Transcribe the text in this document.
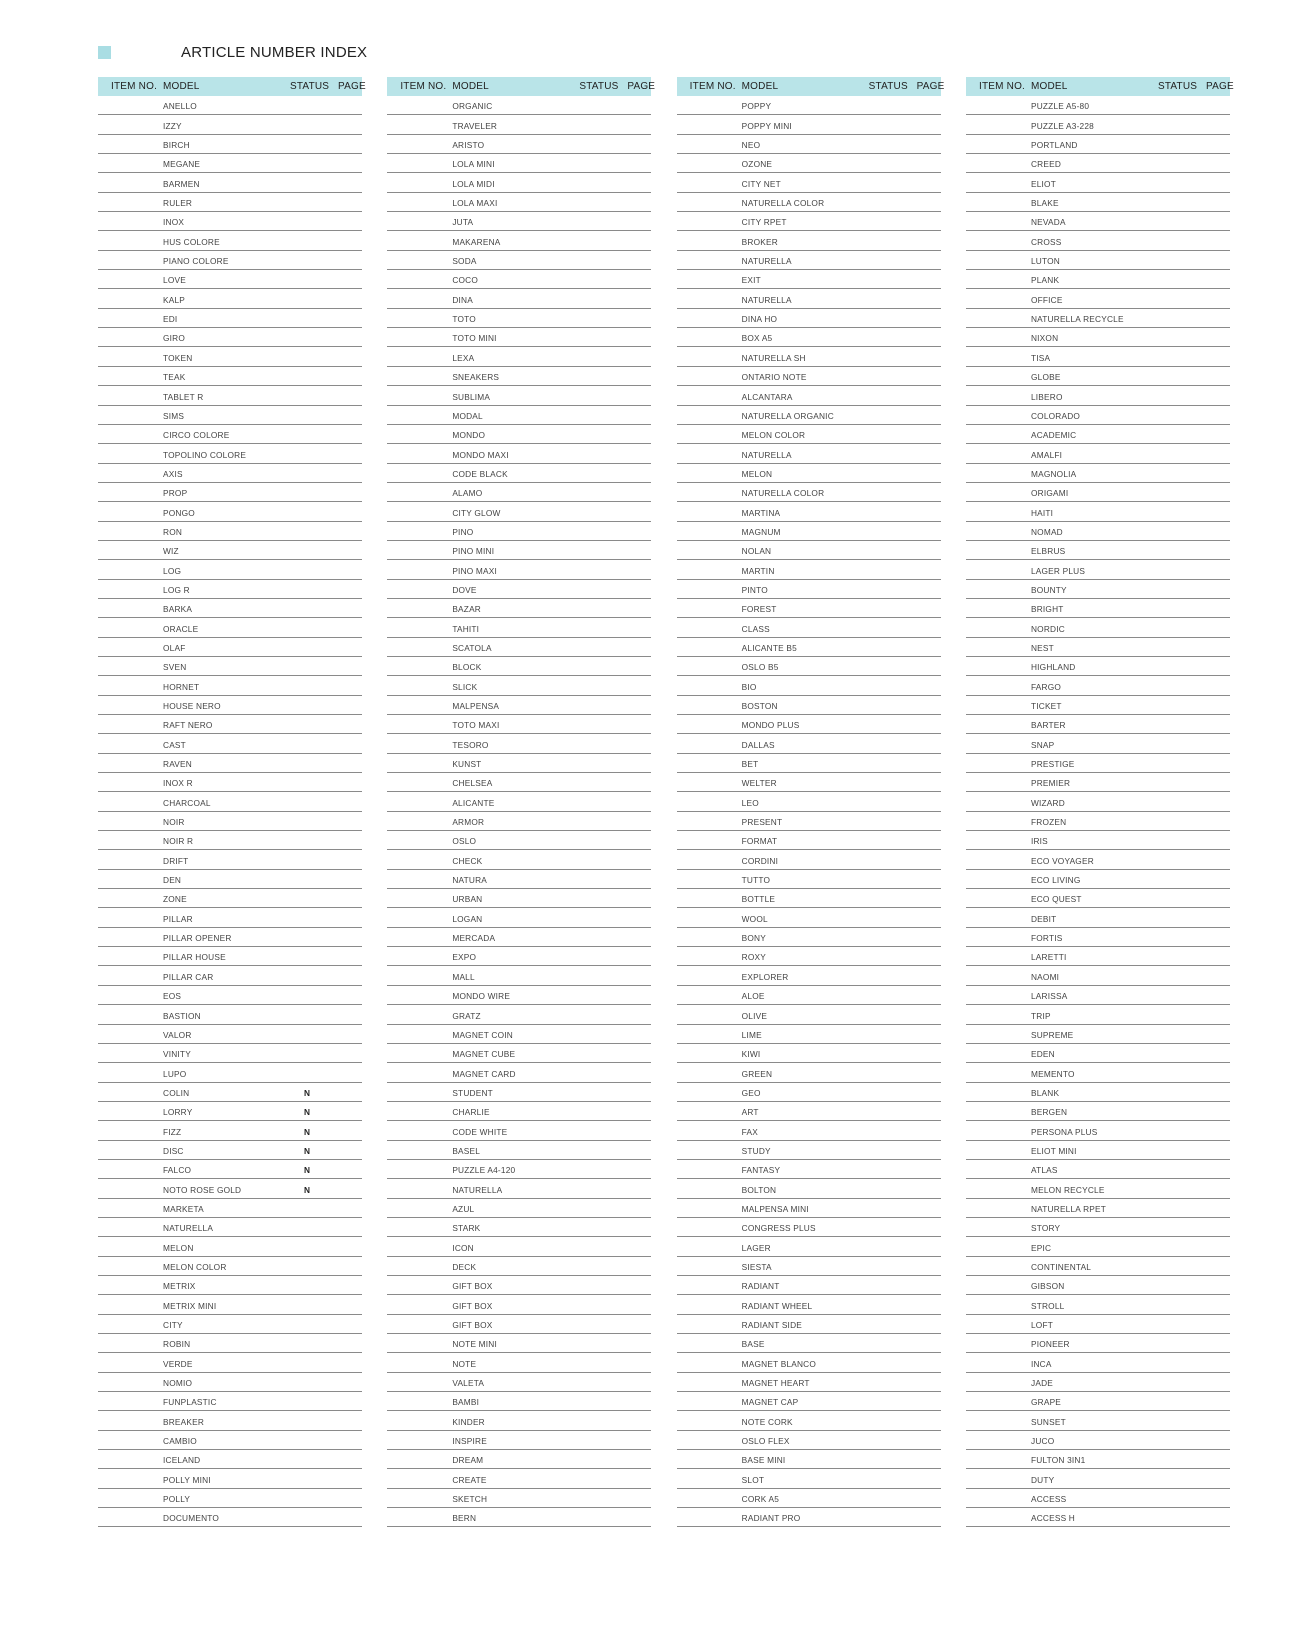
ARTICLE NUMBER INDEX
ITEM NO. MODEL	STATUS PAGE
ANELLO
IZZY
BIRCH
MEGANE
BARMEN
RULER
INOX
HUS COLORE
PIANO COLORE
LOVE
KALP
EDI
GIRO
TOKEN
TEAK
TABLET R
SIMS
CIRCO COLORE
TOPOLINO COLORE
AXIS
PROP
PONGO
RON
WIZ
LOG
LOG R
BARKA
ORACLE
OLAF
SVEN
HORNET
HOUSE NERO
RAFT NERO
CAST
RAVEN
INOX R
CHARCOAL
NOIR
NOIR R
DRIFT
DEN
ZONE
PILLAR
PILLAR OPENER
PILLAR HOUSE
PILLAR CAR
EOS
BASTION
VALOR
VINITY
LUPO
COLIN	N
LORRY	N
FIZZ	N
DISC	N
FALCO	N
NOTO ROSE GOLD	N
MARKETA
NATURELLA
MELON
MELON COLOR
METRIX
METRIX MINI
CITY
ROBIN
VERDE
NOMIO
FUNPLASTIC
BREAKER
CAMBIO
ICELAND
POLLY MINI
POLLY
DOCUMENTO
ITEM NO. MODEL	STATUS PAGE
ORGANIC
TRAVELER
ARISTO
LOLA MINI
LOLA MIDI
LOLA MAXI
JUTA
MAKARENA
SODA
COCO
DINA
TOTO
TOTO MINI
LEXA
SNEAKERS
SUBLIMA
MODAL
MONDO
MONDO MAXI
CODE BLACK
ALAMO
CITY GLOW
PINO
PINO MINI
PINO MAXI
DOVE
BAZAR
TAHITI
SCATOLA
BLOCK
SLICK
MALPENSA
TOTO MAXI
TESORO
KUNST
CHELSEA
ALICANTE
ARMOR
OSLO
CHECK
NATURA
URBAN
LOGAN
MERCADA
EXPO
MALL
MONDO WIRE
GRATZ
MAGNET COIN
MAGNET CUBE
MAGNET CARD
STUDENT
CHARLIE
CODE WHITE
BASEL
PUZZLE A4-120
NATURELLA
AZUL
STARK
ICON
DECK
GIFT BOX
GIFT BOX
GIFT BOX
NOTE MINI
NOTE
VALETA
BAMBI
KINDER
INSPIRE
DREAM
CREATE
SKETCH
BERN
ITEM NO. MODEL	STATUS PAGE
POPPY
POPPY MINI
NEO
OZONE
CITY NET
NATURELLA COLOR
CITY RPET
BROKER
NATURELLA
EXIT
NATURELLA
DINA HO
BOX A5
NATURELLA SH
ONTARIO NOTE
ALCANTARA
NATURELLA ORGANIC
MELON COLOR
NATURELLA
MELON
NATURELLA COLOR
MARTINA
MAGNUM
NOLAN
MARTIN
PINTO
FOREST
CLASS
ALICANTE B5
OSLO B5
BIO
BOSTON
MONDO PLUS
DALLAS
BET
WELTER
LEO
PRESENT
FORMAT
CORDINI
TUTTO
BOTTLE
WOOL
BONY
ROXY
EXPLORER
ALOE
OLIVE
LIME
KIWI
GREEN
GEO
ART
FAX
STUDY
FANTASY
BOLTON
MALPENSA MINI
CONGRESS PLUS
LAGER
SIESTA
RADIANT
RADIANT WHEEL
RADIANT SIDE
BASE
MAGNET BLANCO
MAGNET HEART
MAGNET CAP
NOTE CORK
OSLO FLEX
BASE MINI
SLOT
CORK A5
RADIANT PRO
ITEM NO. MODEL	STATUS PAGE
PUZZLE A5-80
PUZZLE A3-228
PORTLAND
CREED
ELIOT
BLAKE
NEVADA
CROSS
LUTON
PLANK
OFFICE
NATURELLA RECYCLE
NIXON
TISA
GLOBE
LIBERO
COLORADO
ACADEMIC
AMALFI
MAGNOLIA
ORIGAMI
HAITI
NOMAD
ELBRUS
LAGER PLUS
BOUNTY
BRIGHT
NORDIC
NEST
HIGHLAND
FARGO
TICKET
BARTER
SNAP
PRESTIGE
PREMIER
WIZARD
FROZEN
IRIS
ECO VOYAGER
ECO LIVING
ECO QUEST
DEBIT
FORTIS
LARETTI
NAOMI
LARISSA
TRIP
SUPREME
EDEN
MEMENTO
BLANK
BERGEN
PERSONA PLUS
ELIOT MINI
ATLAS
MELON RECYCLE
NATURELLA RPET
STORY
EPIC
CONTINENTAL
GIBSON
STROLL
LOFT
PIONEER
INCA
JADE
GRAPE
SUNSET
JUCO
FULTON 3IN1
DUTY
ACCESS
ACCESS H
